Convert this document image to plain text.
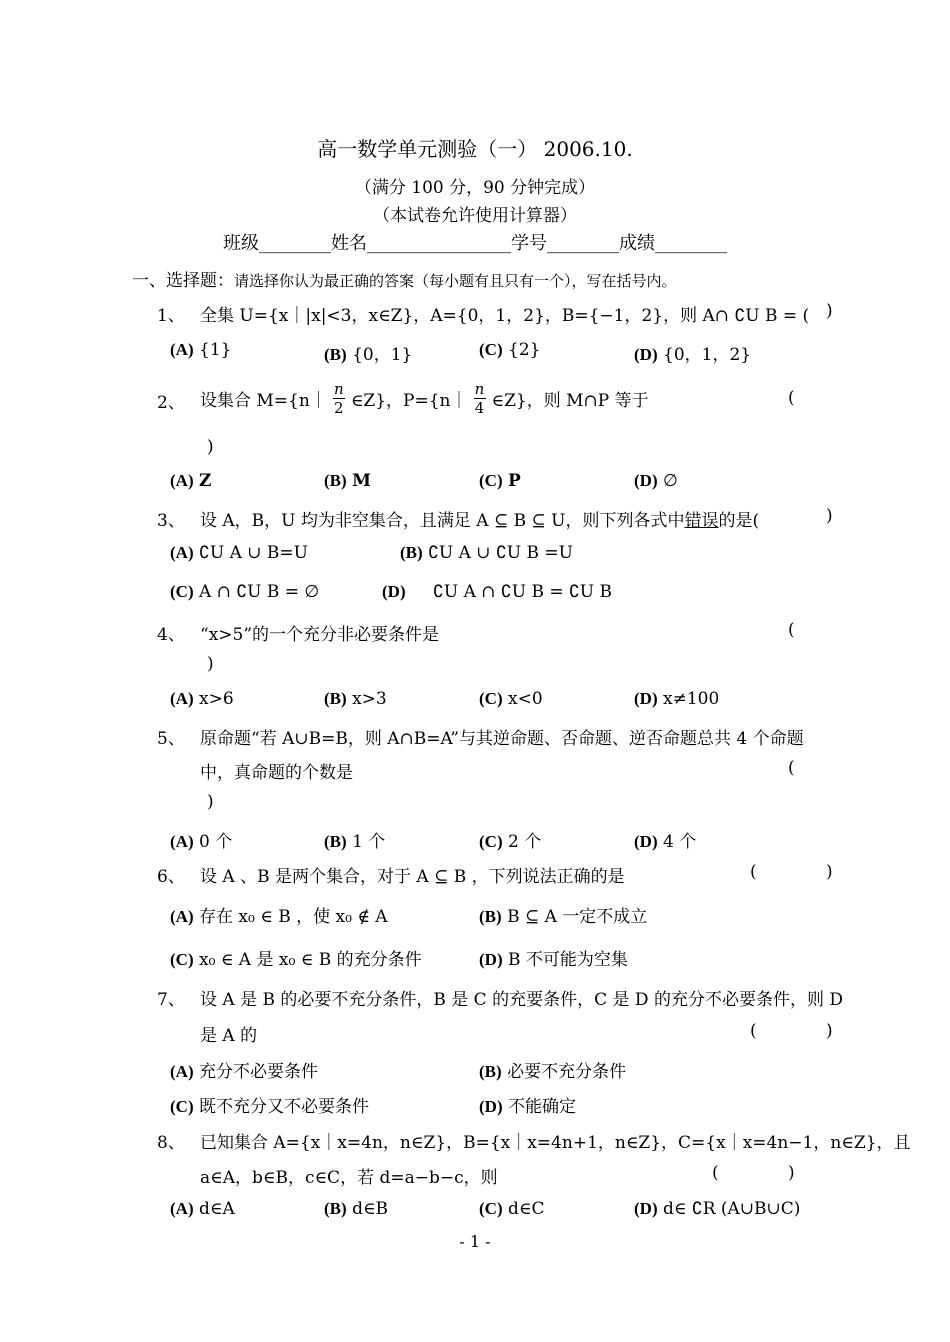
高一数学单元测验（一） 2006.10.
（满分 100 分，90 分钟完成）
（本试卷允许使用计算器）
班级________姓名________________学号________成绩________
一、选择题：请选择你认为最正确的答案（每小题有且只有一个），写在括号内。
1、 全集 U={x｜|x|<3，x∈Z}，A={0，1，2}，B={−1，2}，则 A∩ ∁U B = ( )
(A) {1}	(B) {0，1}	(C) {2}	(D) {0，1，2}
2、 设集合 M={n｜
n
2 ∈Z}，P={n｜
n
4 ∈Z}，则 M∩P 等于	(
)
(A) Z	(B) M	(C) P	(D) ∅
3、 设 A，B，U 均为非空集合，且满足 A ⊆ B ⊆ U，则下列各式中错误的是(	)
(A) ∁U A ∪ B=U	(B) ∁U A ∪ ∁U B =U
(C) A ∩ ∁U B = ∅	(D) ∁U A ∩ ∁U B = ∁U B
4、 “x>5”的一个充分非必要条件是	(
)
(A) x>6	(B) x>3	(C) x<0	(D) x≠100
5、 原命题“若 A∪B=B，则 A∩B=A”与其逆命题、否命题、逆否命题总共 4 个命题
中，真命题的个数是	(
)
(A) 0 个	(B) 1 个	(C) 2 个	(D) 4 个
6、 设 A 、B 是两个集合，对于 A ⊆ B ，下列说法正确的是	(	)
(A) 存在 x₀ ∈ B ，使 x₀ ∉ A	(B) B ⊆ A 一定不成立
(C) x₀ ∈ A 是 x₀ ∈ B 的充分条件	(D) B 不可能为空集
7、 设 A 是 B 的必要不充分条件，B 是 C 的充要条件，C 是 D 的充分不必要条件，则 D
是 A 的	(	)
(A) 充分不必要条件	(B) 必要不充分条件
(C) 既不充分又不必要条件	(D) 不能确定
8、 已知集合 A={x｜x=4n，n∈Z}，B={x｜x=4n+1，n∈Z}，C={x｜x=4n−1，n∈Z}，且
a∈A，b∈B，c∈C，若 d=a−b−c，则	(	)
(A) d∈A	(B) d∈B	(C) d∈C	(D) d∈ ∁R (A∪B∪C)
- 1 -
